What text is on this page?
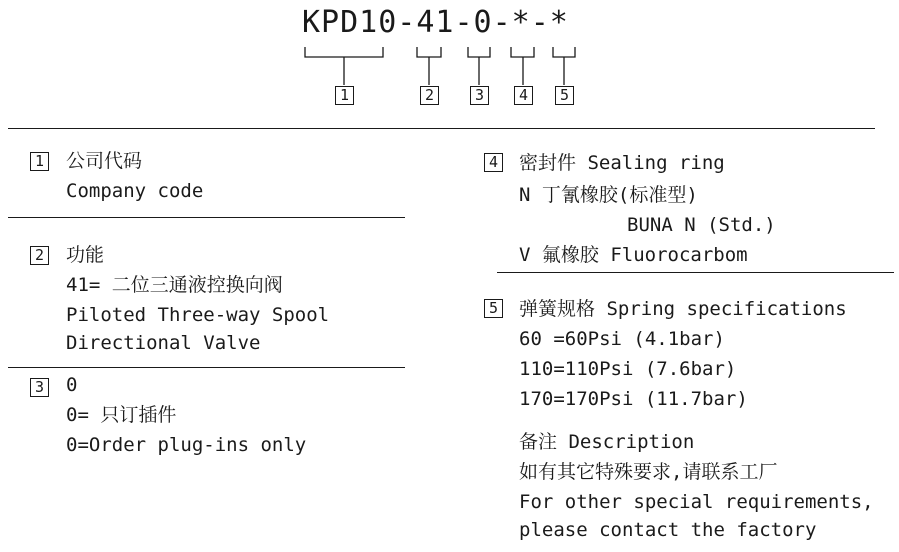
KPD10-41-0-*-*
1	2	3	4	5
1 公司代码
Company code
2 功能
41= 二位三通液控换向阀
Piloted Three-way Spool
Directional Valve
3 0
0= 只订插件
0=Order plug-ins only
4 密封件 Sealing ring
N 丁氰橡胶(标准型)
BUNA N (Std.)
V 氟橡胶 Fluorocarbom
5 弹簧规格 Spring specifications
60 =60Psi (4.1bar)
110=110Psi (7.6bar)
170=170Psi (11.7bar)
备注 Description
如有其它特殊要求,请联系工厂
For other special requirements,
please contact the factory
